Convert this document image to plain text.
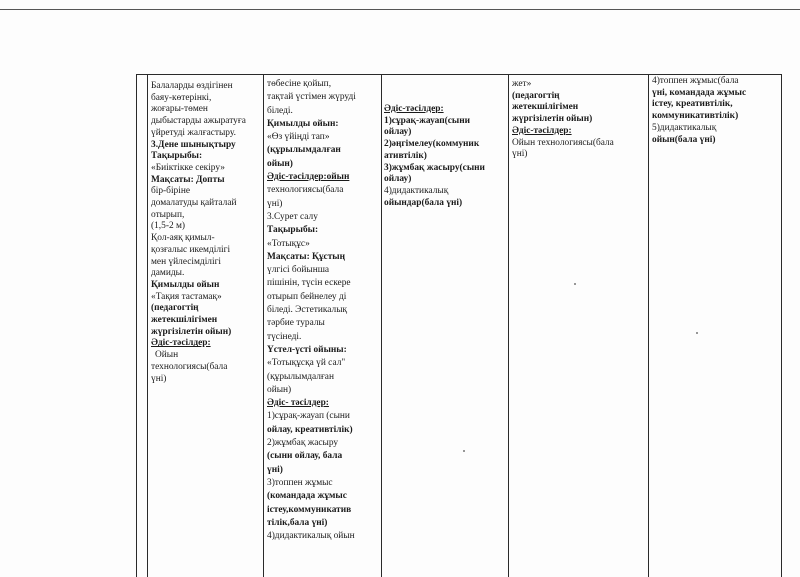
Балаларды өздігінен

баяу-көтерінкі,

жоғары-төмен

дыбыстарды ажыратуға

үйретуді жалғастыру.

3.Дене шынықтыру

Тақырыбы:

«Биіктікке секіру»

Мақсаты: Допты

бір-біріне

домалатуды қайталай

отырып,

(1,5-2 м)

Қол-аяқ қимыл-

қозғалыс икемділігі

мен үйлесімділігі

дамиды.

Қимылды ойын

«Тақия тастамақ»

(педагогтің

жетекшілігімен

жүргізілетін ойын)

Әдіс-тәсілдер:

Ойын

технологиясы(бала

үні)

төбесіне қойып,

тақтай үстімен жүруді

біледі.

Қимылды ойын:

«Өз үйіңді тап»

(құрылымдалған

ойын)

Әдіс-тәсілдер:ойын

технологиясы(бала

үні)

3.Сурет салу

Тақырыбы:

«Тотықұс»

Мақсаты: Құстың

үлгісі бойынша

пішінін, түсін ескере

отырып бейнелеу ді

біледі. Эстетикалық

тәрбие туралы

түсінеді.

Үстел-үсті ойыны:

«Тотықұсқа үй сал"

(құрылымдалған

ойын)

Әдіс- тәсілдер:

1)сұрақ-жауап (сыни

ойлау, креативтілік)

2)жұмбақ жасыру

(сыни ойлау, бала

үні)

3)топпен жұмыс

(командада жұмыс

істеу,коммуникатив

тілік,бала үні)

4)дидактикалық ойын

Әдіс-тәсілдер:

1)сұрақ-жауап(сыни

ойлау)

2)әңгімелеу(коммуник

ативтілік)

3)жұмбақ жасыру(сыни

ойлау)

4)дидактикалық

ойындар(бала үні)

жет»

(педагогтің

жетекшілігімен

жүргізілетін ойын)

Әдіс-тәсілдер:

Ойын технологиясы(бала

үні)

4)топпен жұмыс(бала

үні, командада жұмыс

істеу, креативтілік,

коммуникативтілік)

5)дидактикалық

ойын(бала үні)
